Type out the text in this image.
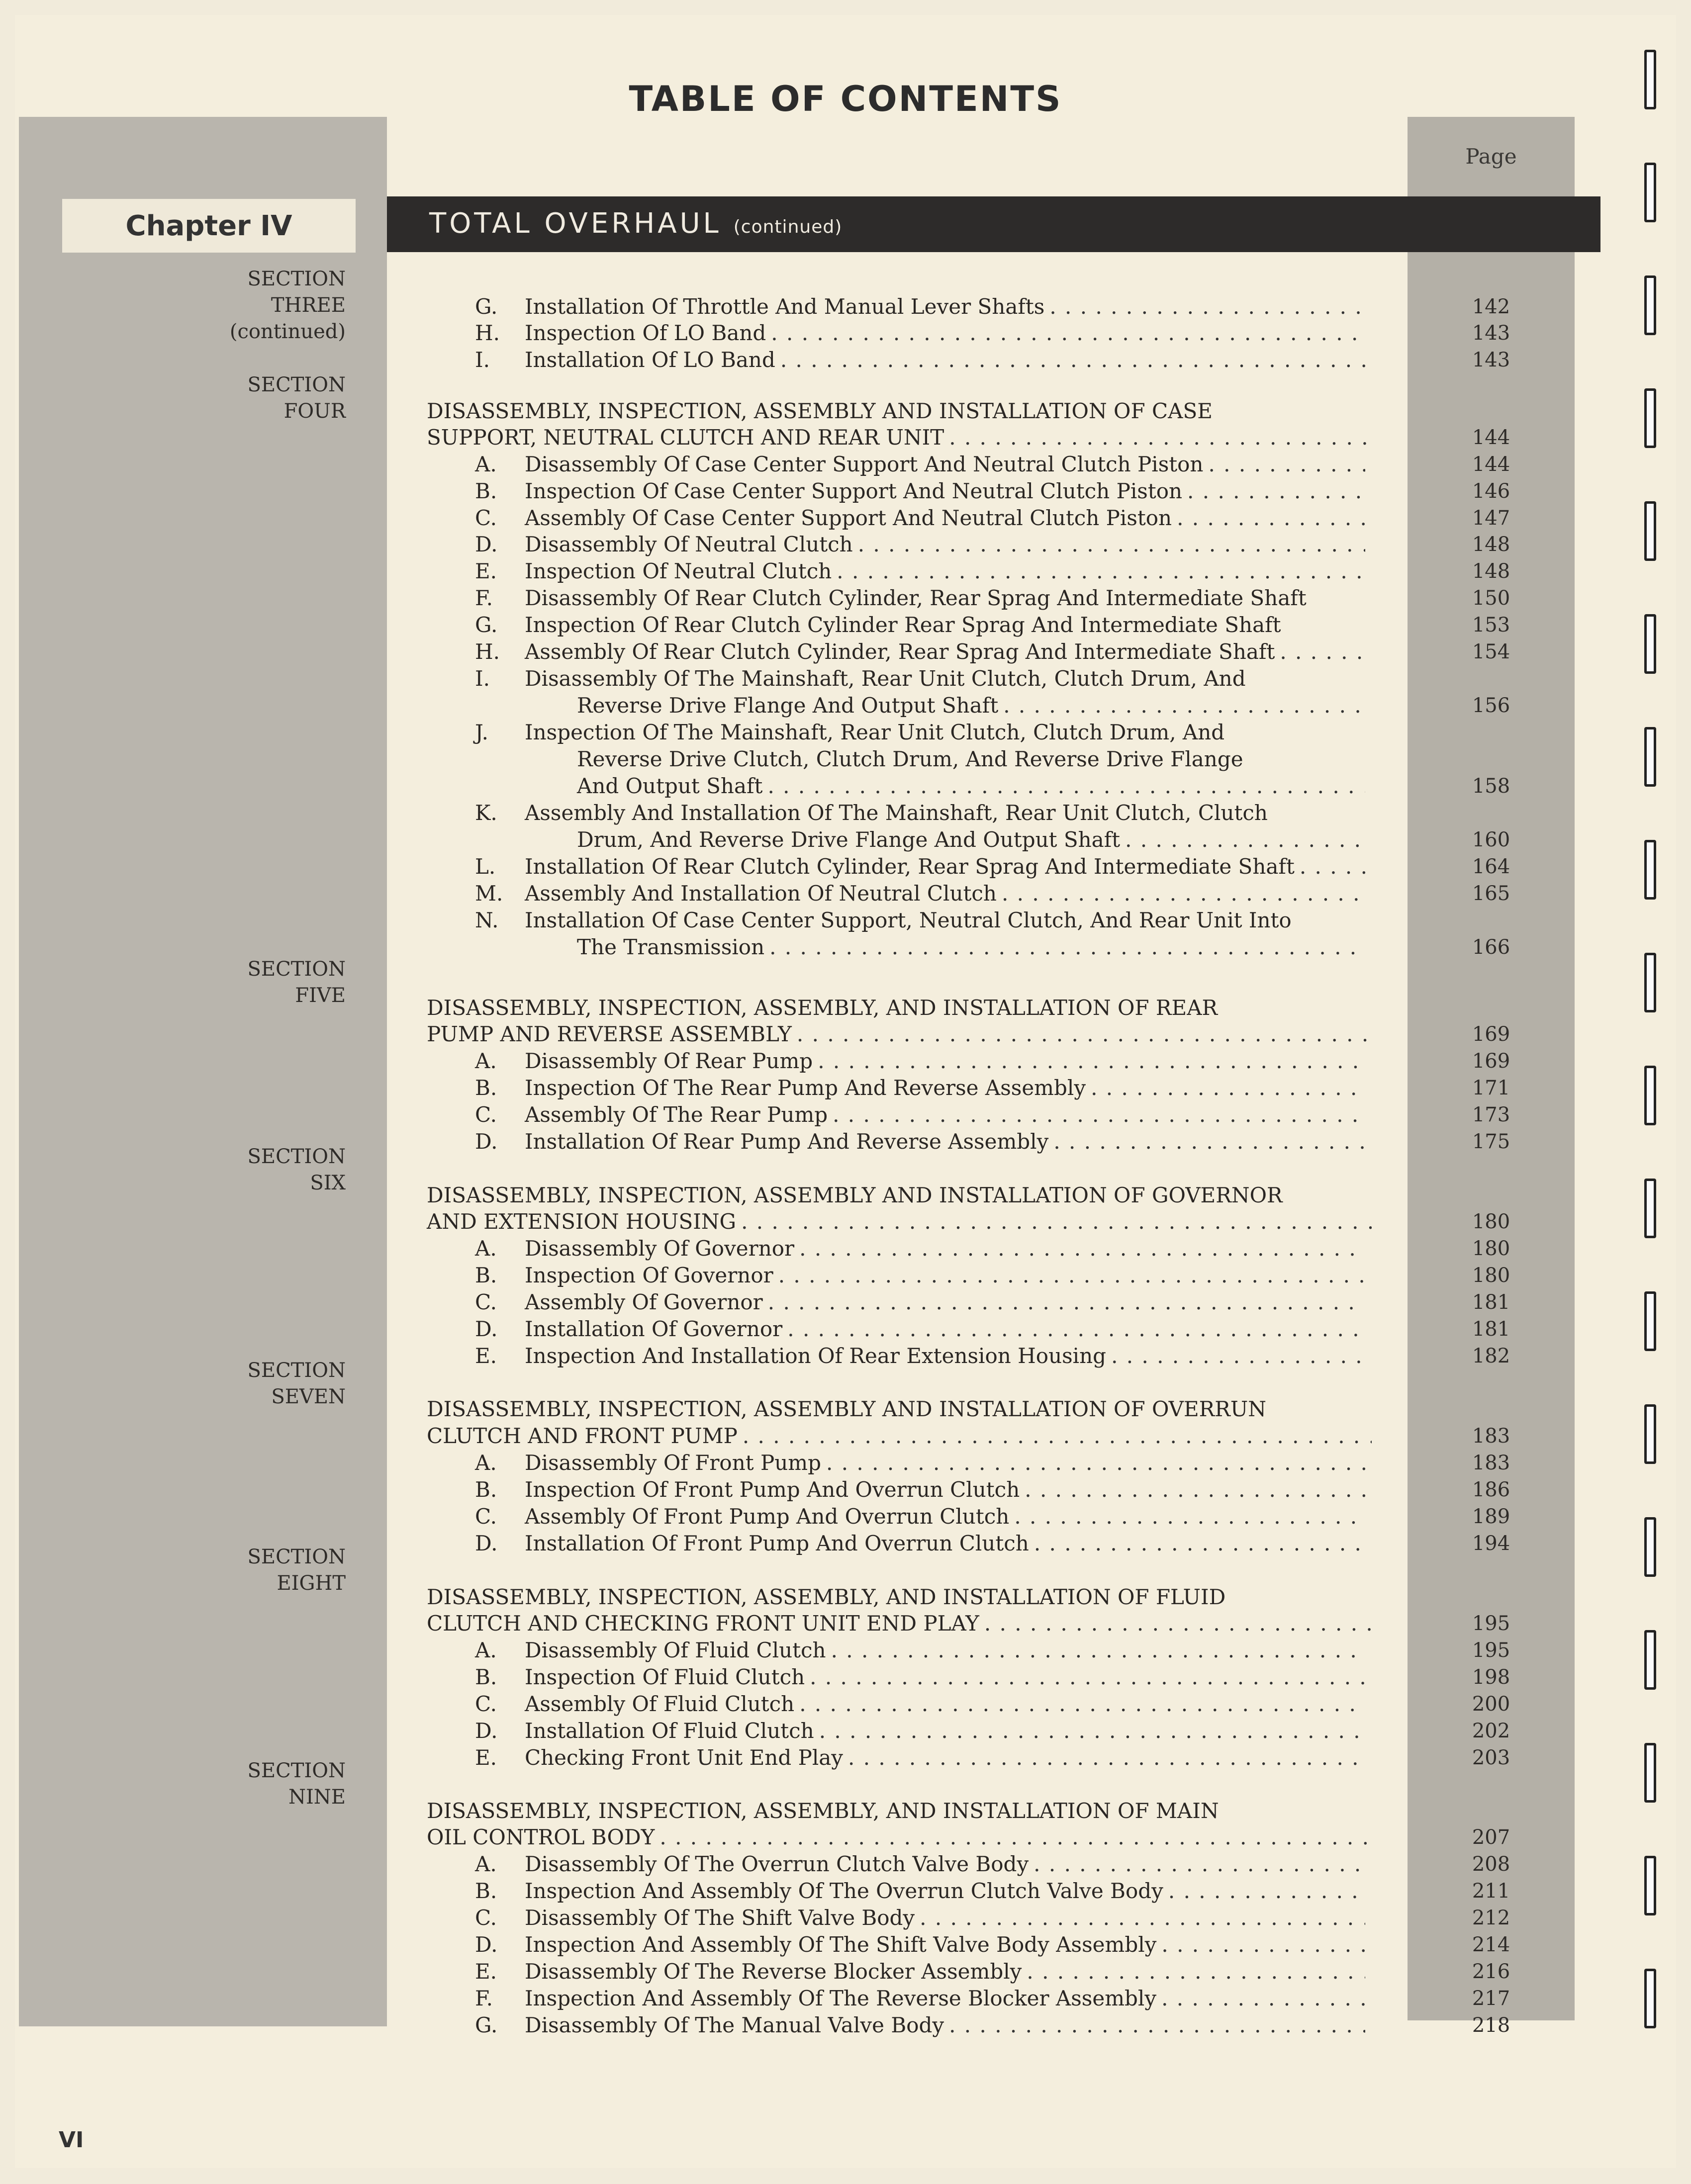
TABLE OF CONTENTS
Page
Chapter IV	TOTAL OVERHAUL (continued)
SECTION
THREE
(continued)
SECTION
FOUR
SECTION
FIVE
SECTION
SIX
SECTION
SEVEN
SECTION
EIGHT
SECTION
NINE
G.	Installation Of Throttle And Manual Lever Shafts . . .	142
H.	Inspection Of LO Band . . .	143
I.	Installation Of LO Band . . .	143
DISASSEMBLY, INSPECTION, ASSEMBLY AND INSTALLATION OF CASE
SUPPORT, NEUTRAL CLUTCH AND REAR UNIT . . .	144
A.	Disassembly Of Case Center Support And Neutral Clutch Piston . . .	144
B.	Inspection Of Case Center Support And Neutral Clutch Piston . . .	146
C.	Assembly Of Case Center Support And Neutral Clutch Piston . . .	147
D.	Disassembly Of Neutral Clutch . . .	148
E.	Inspection Of Neutral Clutch . . .	148
F.	Disassembly Of Rear Clutch Cylinder, Rear Sprag And Intermediate Shaft	150
G.	Inspection Of Rear Clutch Cylinder Rear Sprag And Intermediate Shaft	153
H.	Assembly Of Rear Clutch Cylinder, Rear Sprag And Intermediate Shaft . . .	154
I.	Disassembly Of The Mainshaft, Rear Unit Clutch, Clutch Drum, And
Reverse Drive Flange And Output Shaft . . .	156
J.	Inspection Of The Mainshaft, Rear Unit Clutch, Clutch Drum, And
Reverse Drive Clutch, Clutch Drum, And Reverse Drive Flange
And Output Shaft . . .	158
K.	Assembly And Installation Of The Mainshaft, Rear Unit Clutch, Clutch
Drum, And Reverse Drive Flange And Output Shaft . . .	160
L.	Installation Of Rear Clutch Cylinder, Rear Sprag And Intermediate Shaft . . .	164
M.	Assembly And Installation Of Neutral Clutch . . .	165
N.	Installation Of Case Center Support, Neutral Clutch, And Rear Unit Into
The Transmission . . .	166
DISASSEMBLY, INSPECTION, ASSEMBLY, AND INSTALLATION OF REAR
PUMP AND REVERSE ASSEMBLY . . .	169
A.	Disassembly Of Rear Pump . . .	169
B.	Inspection Of The Rear Pump And Reverse Assembly . . .	171
C.	Assembly Of The Rear Pump . . .	173
D.	Installation Of Rear Pump And Reverse Assembly . . .	175
DISASSEMBLY, INSPECTION, ASSEMBLY AND INSTALLATION OF GOVERNOR
AND EXTENSION HOUSING . . .	180
A.	Disassembly Of Governor . . .	180
B.	Inspection Of Governor . . .	180
C.	Assembly Of Governor . . .	181
D.	Installation Of Governor . . .	181
E.	Inspection And Installation Of Rear Extension Housing . . .	182
DISASSEMBLY, INSPECTION, ASSEMBLY AND INSTALLATION OF OVERRUN
CLUTCH AND FRONT PUMP . . .	183
A.	Disassembly Of Front Pump . . .	183
B.	Inspection Of Front Pump And Overrun Clutch . . .	186
C.	Assembly Of Front Pump And Overrun Clutch . . .	189
D.	Installation Of Front Pump And Overrun Clutch . . .	194
DISASSEMBLY, INSPECTION, ASSEMBLY, AND INSTALLATION OF FLUID
CLUTCH AND CHECKING FRONT UNIT END PLAY . . .	195
A.	Disassembly Of Fluid Clutch . . .	195
B.	Inspection Of Fluid Clutch . . .	198
C.	Assembly Of Fluid Clutch . . .	200
D.	Installation Of Fluid Clutch . . .	202
E.	Checking Front Unit End Play . . .	203
DISASSEMBLY, INSPECTION, ASSEMBLY, AND INSTALLATION OF MAIN
OIL CONTROL BODY . . .	207
A.	Disassembly Of The Overrun Clutch Valve Body . . .	208
B.	Inspection And Assembly Of The Overrun Clutch Valve Body . . .	211
C.	Disassembly Of The Shift Valve Body . . .	212
D.	Inspection And Assembly Of The Shift Valve Body Assembly . . .	214
E.	Disassembly Of The Reverse Blocker Assembly . . .	216
F.	Inspection And Assembly Of The Reverse Blocker Assembly . . .	217
G.	Disassembly Of The Manual Valve Body . . .	218
VI
